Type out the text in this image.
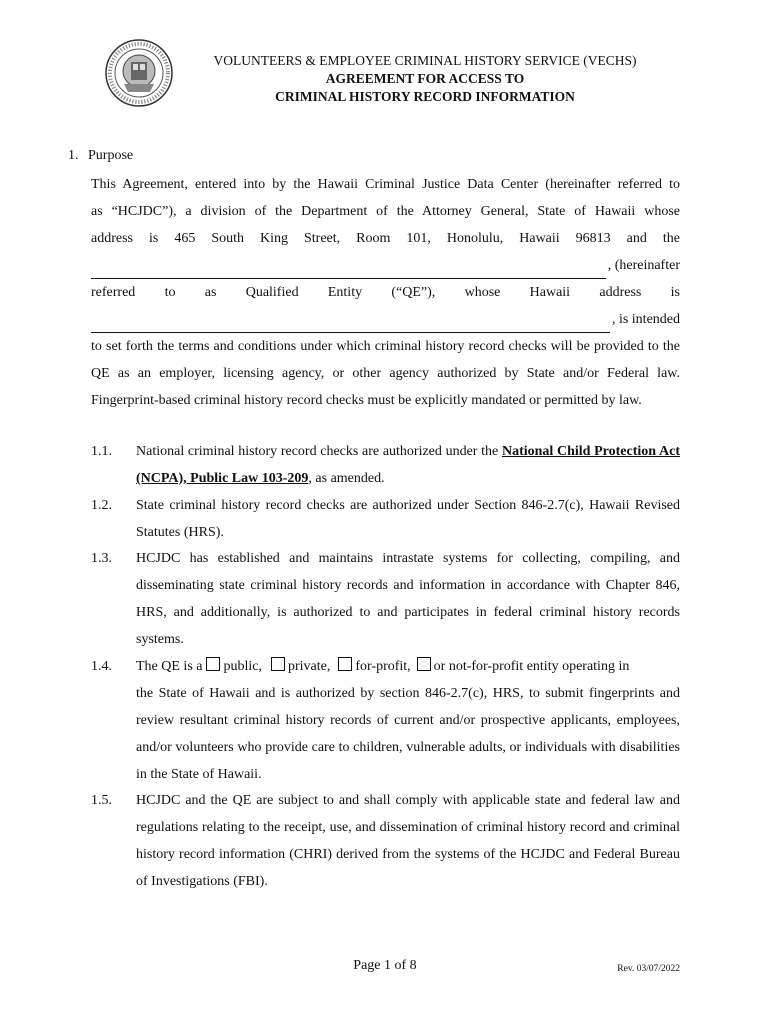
VOLUNTEERS & EMPLOYEE CRIMINAL HISTORY SERVICE (VECHS)
AGREEMENT FOR ACCESS TO
CRIMINAL HISTORY RECORD INFORMATION
1. Purpose
This Agreement, entered into by the Hawaii Criminal Justice Data Center (hereinafter referred to
as “HCJDC”), a division of the Department of the Attorney General, State of Hawaii whose
address is 465 South King Street, Room 101, Honolulu, Hawaii 96813 and the
, (hereinafter
referred to as Qualified Entity (“QE”), whose Hawaii address is
, is intended
to set forth the terms and conditions under which criminal history record checks will be provided to the QE as an employer, licensing agency, or other agency authorized by State and/or Federal law. Fingerprint-based criminal history record checks must be explicitly mandated or permitted by law.
1.1. National criminal history record checks are authorized under the National Child Protection Act (NCPA), Public Law 103-209, as amended.
1.2. State criminal history record checks are authorized under Section 846-2.7(c), Hawaii Revised Statutes (HRS).
1.3. HCJDC has established and maintains intrastate systems for collecting, compiling, and disseminating state criminal history records and information in accordance with Chapter 846, HRS, and additionally, is authorized to and participates in federal criminal history records systems.
1.4. The QE is a public, private, for-profit, or not-for-profit entity operating in
the State of Hawaii and is authorized by section 846-2.7(c), HRS, to submit fingerprints and review resultant criminal history records of current and/or prospective applicants, employees, and/or volunteers who provide care to children, vulnerable adults, or individuals with disabilities in the State of Hawaii.
1.5. HCJDC and the QE are subject to and shall comply with applicable state and federal law and regulations relating to the receipt, use, and dissemination of criminal history record and criminal history record information (CHRI) derived from the systems of the HCJDC and Federal Bureau of Investigations (FBI).
Page 1 of 8	Rev. 03/07/2022
